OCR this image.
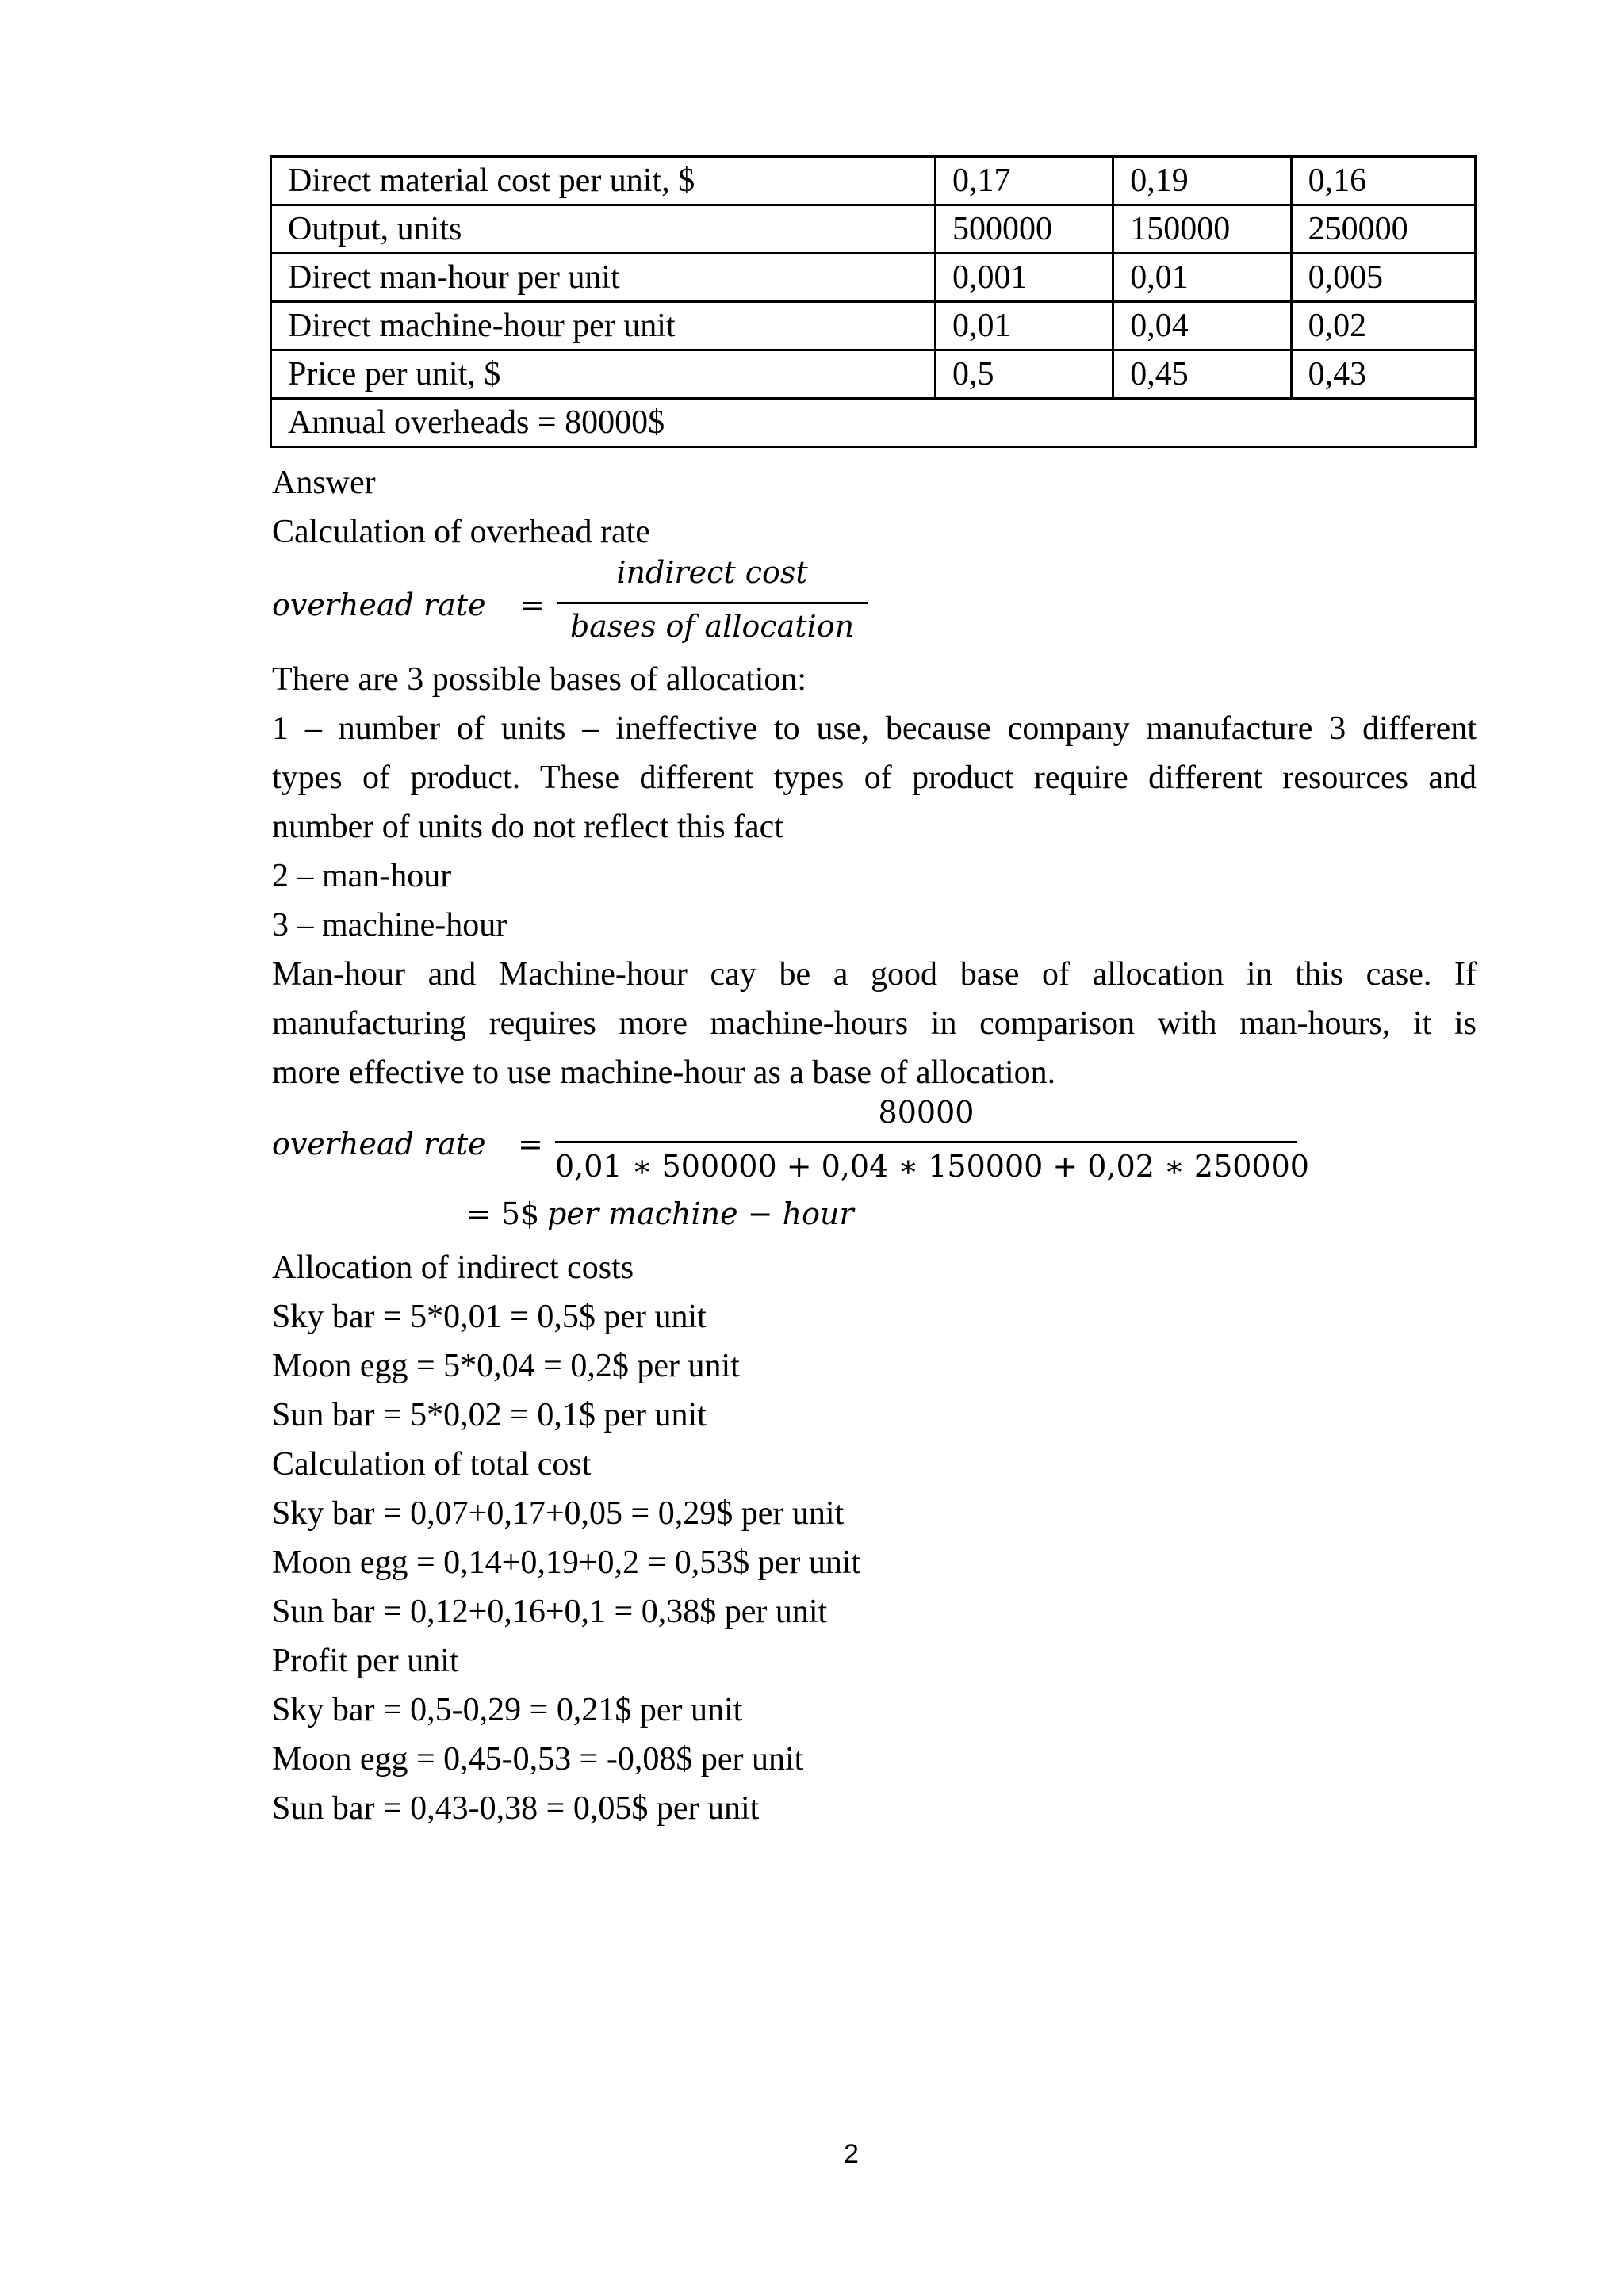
Direct material cost per unit, $	0,17	0,19	0,16
Output, units	500000	150000	250000
Direct man-hour per unit	0,001	0,01	0,005
Direct machine-hour per unit	0,01	0,04	0,02
Price per unit, $	0,5	0,45	0,43
Annual overheads = 80000$			
Answer
Calculation of overhead rate
overhead rate =
indirect cost
bases of allocation
There are 3 possible bases of allocation:
1 – number of units – ineffective to use, because company manufacture 3 different
types of product. These different types of product require different resources and
number of units do not reflect this fact
2 – man-hour
3 – machine-hour
Man-hour and Machine-hour cay be a good base of allocation in this case. If
manufacturing requires more machine-hours in comparison with man-hours, it is
more effective to use machine-hour as a base of allocation.
overhead rate =
80000
0,01 ∗ 500000 + 0,04 ∗ 150000 + 0,02 ∗ 250000
= 5$ per machine − hour
Allocation of indirect costs
Sky bar = 5*0,01 = 0,5$ per unit
Moon egg = 5*0,04 = 0,2$ per unit
Sun bar = 5*0,02 = 0,1$ per unit
Calculation of total cost
Sky bar = 0,07+0,17+0,05 = 0,29$ per unit
Moon egg = 0,14+0,19+0,2 = 0,53$ per unit
Sun bar = 0,12+0,16+0,1 = 0,38$ per unit
Profit per unit
Sky bar = 0,5-0,29 = 0,21$ per unit
Moon egg = 0,45-0,53 = -0,08$ per unit
Sun bar = 0,43-0,38 = 0,05$ per unit
2
